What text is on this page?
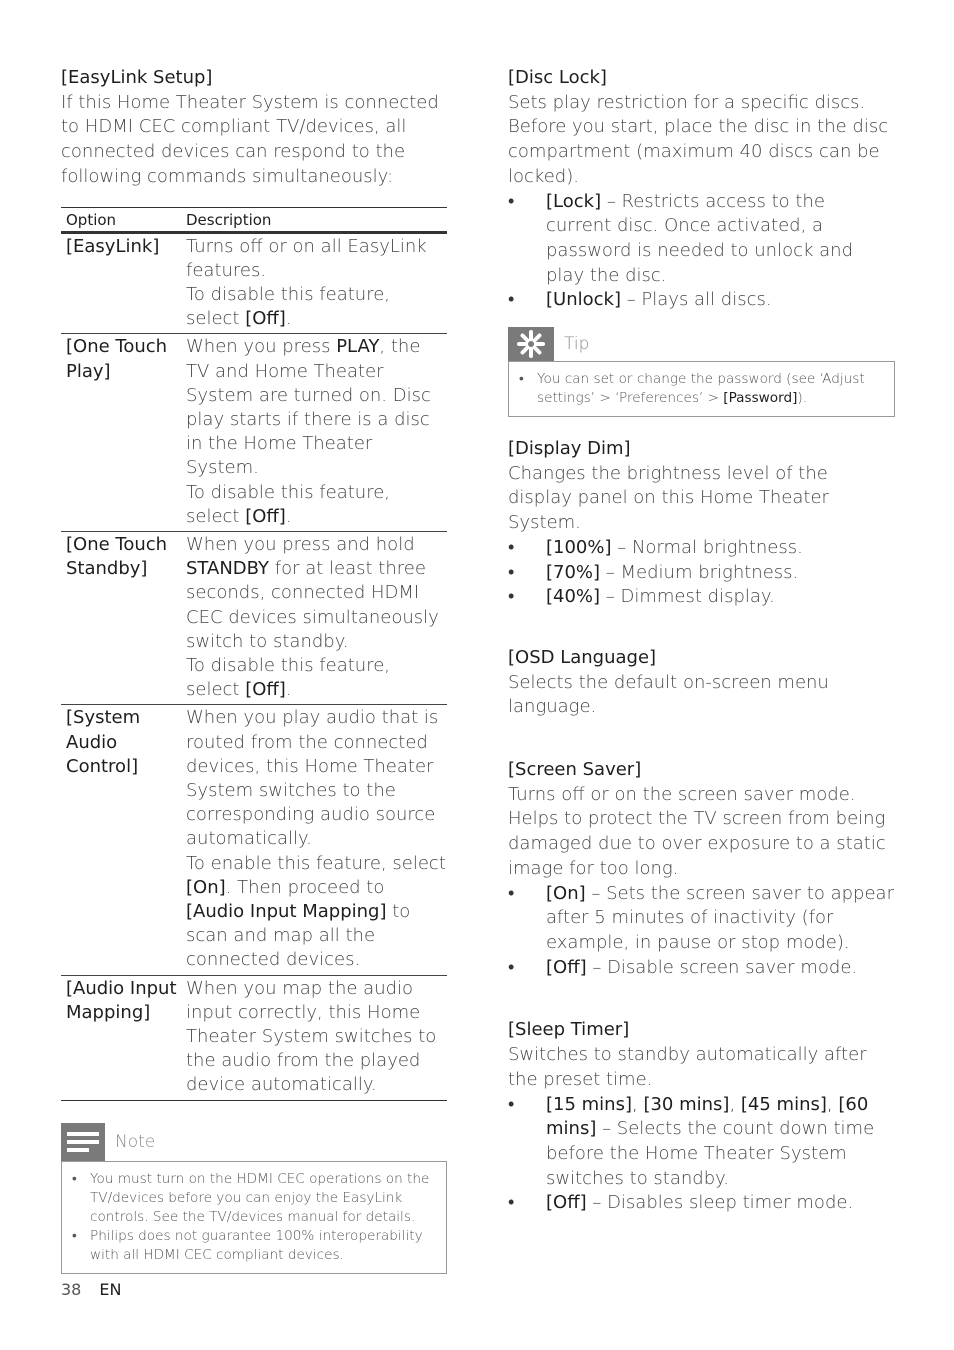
[EasyLink Setup]
If this Home Theater System is connected to HDMI CEC compliant TV/devices, all connected devices can respond to the following commands simultaneously:
Option	Description
[EasyLink]	Turns off or on all EasyLink features.
To disable this feature, select [Off].
[One Touch Play]	When you press PLAY, the TV and Home Theater System are turned on. Disc play starts if there is a disc in the Home Theater System.
To disable this feature, select [Off].
[One Touch Standby]	When you press and hold STANDBY for at least three seconds, connected HDMI CEC devices simultaneously switch to standby.
To disable this feature, select [Off].
[System Audio Control]	When you play audio that is routed from the connected devices, this Home Theater System switches to the corresponding audio source automatically.
To enable this feature, select [On]. Then proceed to [Audio Input Mapping] to scan and map all the connected devices.
[Audio Input Mapping]	When you map the audio input correctly, this Home Theater System switches to the audio from the played device automatically.
Note
• You must turn on the HDMI CEC operations on the TV/devices before you can enjoy the EasyLink controls. See the TV/devices manual for details.
• Philips does not guarantee 100% interoperability with all HDMI CEC compliant devices.
[Disc Lock]
Sets play restriction for a specific discs. Before you start, place the disc in the disc compartment (maximum 40 discs can be locked).
• [Lock] – Restricts access to the current disc. Once activated, a password is needed to unlock and play the disc.
• [Unlock] – Plays all discs.
Tip
• You can set or change the password (see ‘Adjust settings’ > ‘Preferences’ > [Password]).
[Display Dim]
Changes the brightness level of the display panel on this Home Theater System.
• [100%] – Normal brightness.
• [70%] – Medium brightness.
• [40%] – Dimmest display.
[OSD Language]
Selects the default on-screen menu language.
[Screen Saver]
Turns off or on the screen saver mode. Helps to protect the TV screen from being damaged due to over exposure to a static image for too long.
• [On] – Sets the screen saver to appear after 5 minutes of inactivity (for example, in pause or stop mode).
• [Off] – Disable screen saver mode.
[Sleep Timer]
Switches to standby automatically after the preset time.
• [15 mins], [30 mins], [45 mins], [60 mins] – Selects the count down time before the Home Theater System switches to standby.
• [Off] – Disables sleep timer mode.
38 EN
